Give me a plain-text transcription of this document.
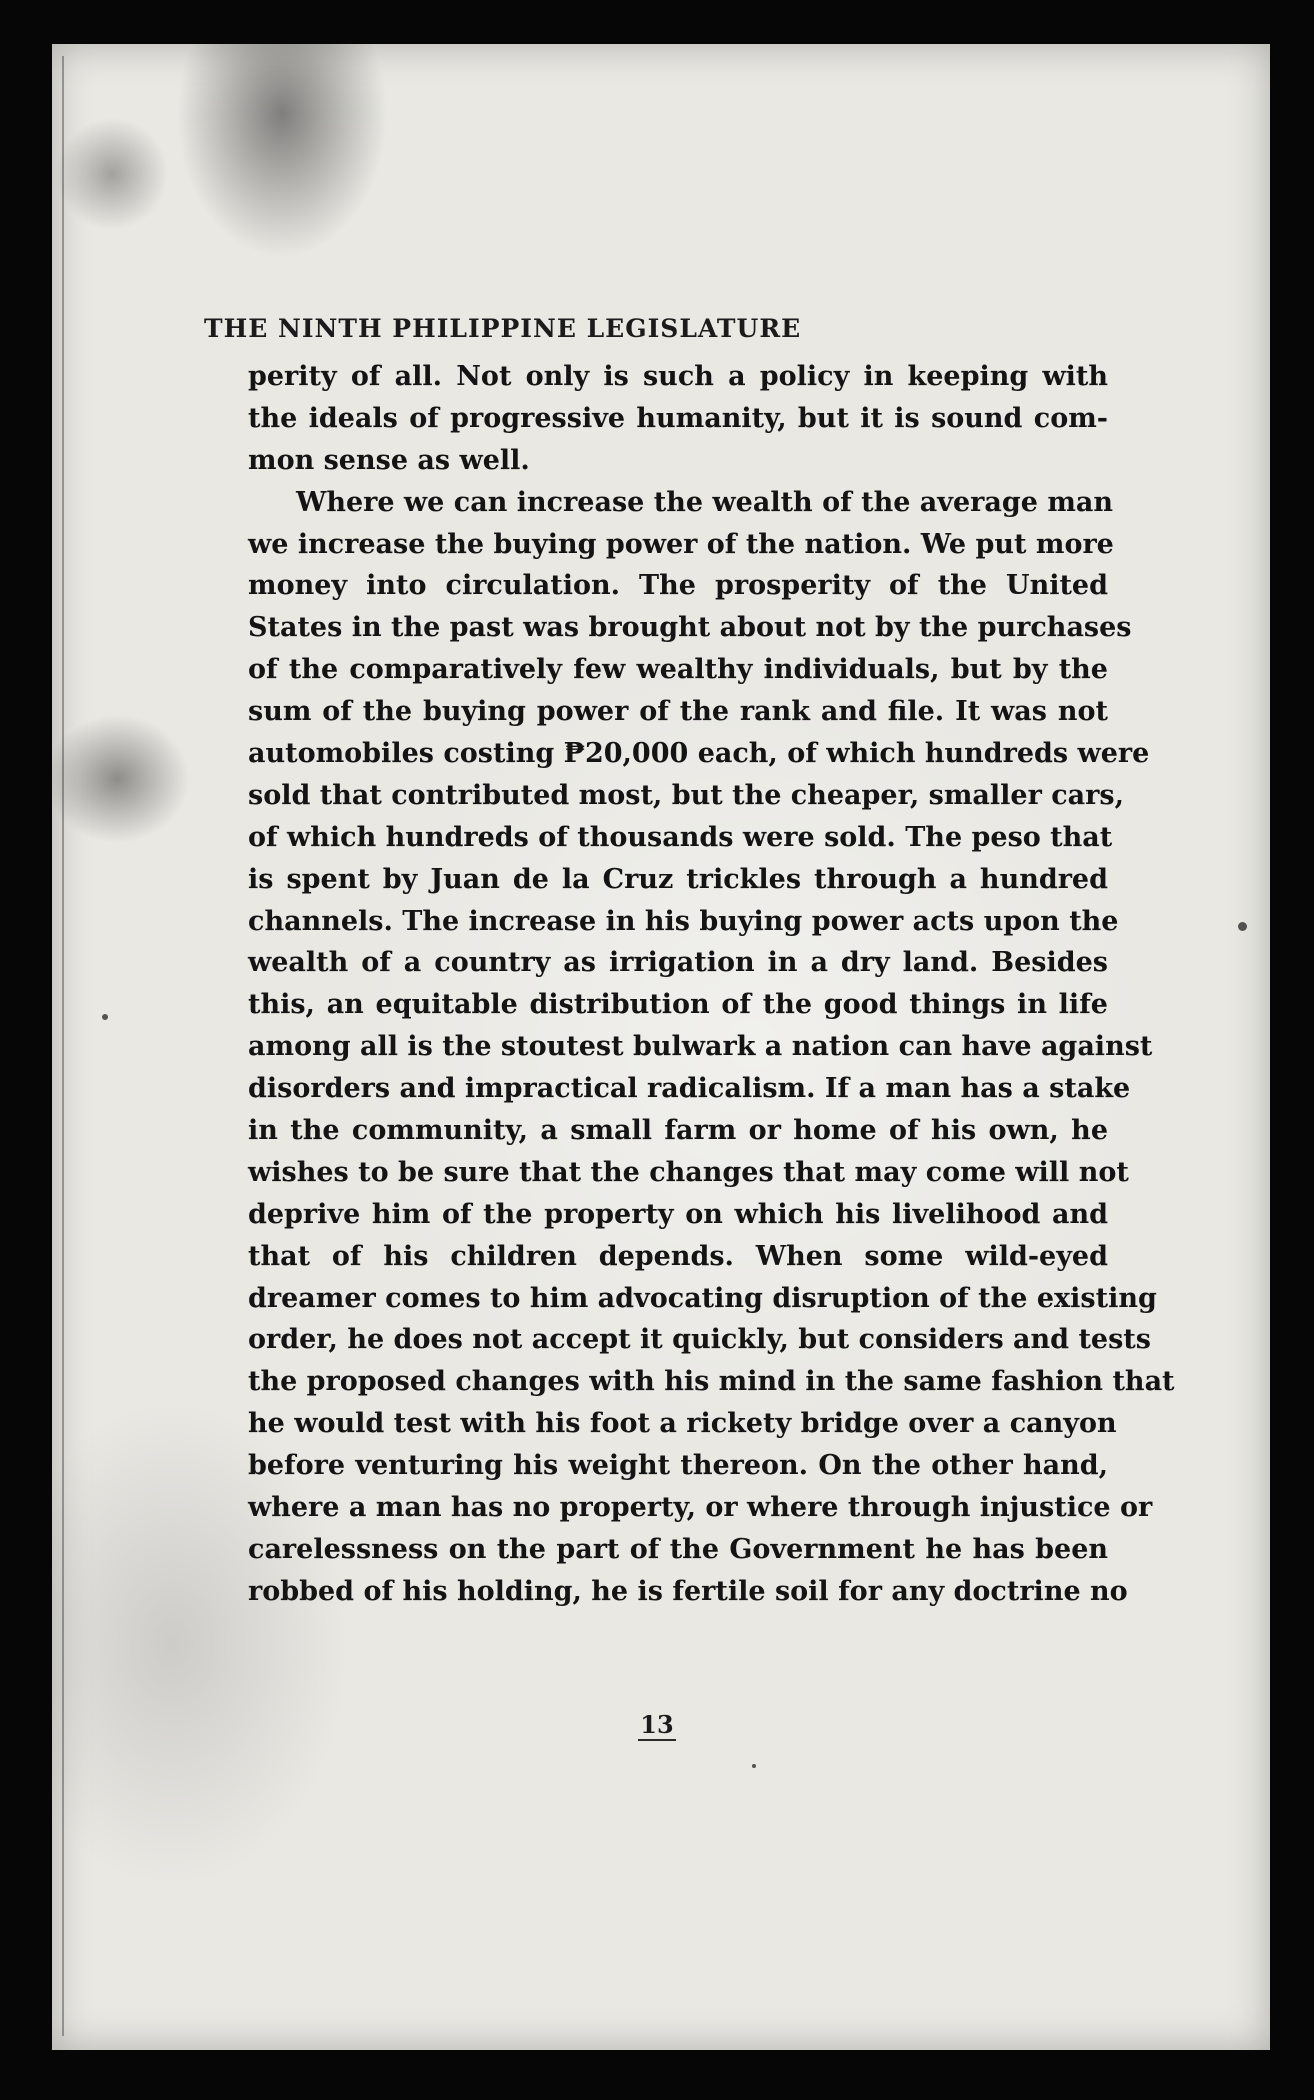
THE NINTH PHILIPPINE LEGISLATURE
perity of all. Not only is such a policy in keeping with
the ideals of progressive humanity, but it is sound com-
mon sense as well.
Where we can increase the wealth of the average man
we increase the buying power of the nation. We put more
money into circulation. The prosperity of the United
States in the past was brought about not by the purchases
of the comparatively few wealthy individuals, but by the
sum of the buying power of the rank and file. It was not
automobiles costing ₱20,000 each, of which hundreds were
sold that contributed most, but the cheaper, smaller cars,
of which hundreds of thousands were sold. The peso that
is spent by Juan de la Cruz trickles through a hundred
channels. The increase in his buying power acts upon the
wealth of a country as irrigation in a dry land. Besides
this, an equitable distribution of the good things in life
among all is the stoutest bulwark a nation can have against
disorders and impractical radicalism. If a man has a stake
in the community, a small farm or home of his own, he
wishes to be sure that the changes that may come will not
deprive him of the property on which his livelihood and
that of his children depends. When some wild-eyed
dreamer comes to him advocating disruption of the existing
order, he does not accept it quickly, but considers and tests
the proposed changes with his mind in the same fashion that
he would test with his foot a rickety bridge over a canyon
before venturing his weight thereon. On the other hand,
where a man has no property, or where through injustice or
carelessness on the part of the Government he has been
robbed of his holding, he is fertile soil for any doctrine no

13
